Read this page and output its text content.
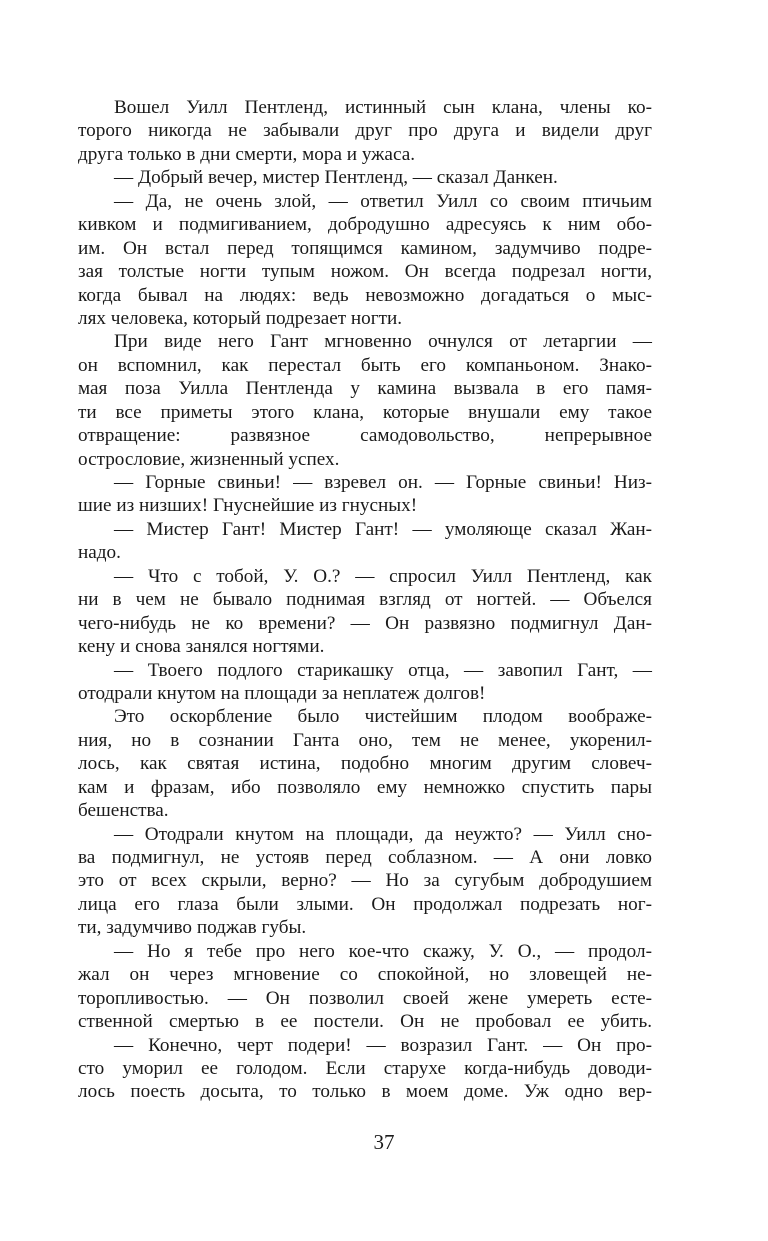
Вошел Уилл Пентленд, истинный сын клана, члены ко-
торого никогда не забывали друг про друга и видели друг
друга только в дни смерти, мора и ужаса.
— Добрый вечер, мистер Пентленд, — сказал Данкен.
— Да, не очень злой, — ответил Уилл со своим птичьим
кивком и подмигиванием, добродушно адресуясь к ним обо-
им. Он встал перед топящимся камином, задумчиво подре-
зая толстые ногти тупым ножом. Он всегда подрезал ногти,
когда бывал на людях: ведь невозможно догадаться о мыс-
лях человека, который подрезает ногти.
При виде него Гант мгновенно очнулся от летаргии —
он вспомнил, как перестал быть его компаньоном. Знако-
мая поза Уилла Пентленда у камина вызвала в его памя-
ти все приметы этого клана, которые внушали ему такое
отвращение: развязное самодовольство, непрерывное
острословие, жизненный успех.
— Горные свиньи! — взревел он. — Горные свиньи! Низ-
шие из низших! Гнуснейшие из гнусных!
— Мистер Гант! Мистер Гант! — умоляюще сказал Жан-
надо.
— Что с тобой, У. О.? — спросил Уилл Пентленд, как
ни в чем не бывало поднимая взгляд от ногтей. — Объелся
чего-нибудь не ко времени? — Он развязно подмигнул Дан-
кену и снова занялся ногтями.
— Твоего подлого старикашку отца, — завопил Гант, —
отодрали кнутом на площади за неплатеж долгов!
Это оскорбление было чистейшим плодом воображе-
ния, но в сознании Ганта оно, тем не менее, укоренил-
лось, как святая истина, подобно многим другим словеч-
кам и фразам, ибо позволяло ему немножко спустить пары
бешенства.
— Отодрали кнутом на площади, да неужто? — Уилл сно-
ва подмигнул, не устояв перед соблазном. — А они ловко
это от всех скрыли, верно? — Но за сугубым добродушием
лица его глаза были злыми. Он продолжал подрезать ног-
ти, задумчиво поджав губы.
— Но я тебе про него кое-что скажу, У. О., — продол-
жал он через мгновение со спокойной, но зловещей не-
торопливостью. — Он позволил своей жене умереть есте-
ственной смертью в ее постели. Он не пробовал ее убить.
— Конечно, черт подери! — возразил Гант. — Он про-
сто уморил ее голодом. Если старухе когда-нибудь доводи-
лось поесть досыта, то только в моем доме. Уж одно вер-
37
